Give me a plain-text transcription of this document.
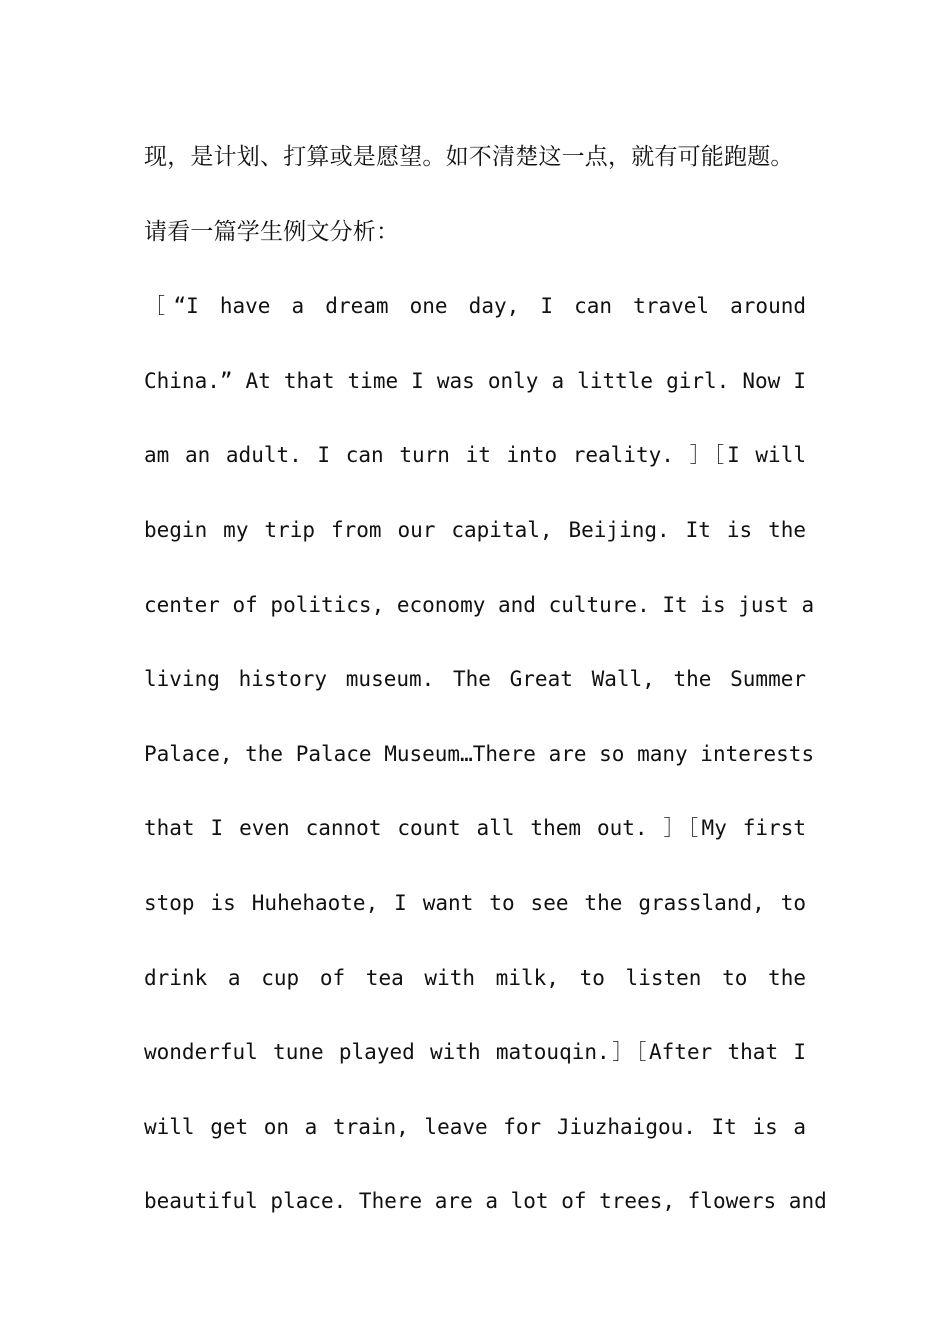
现，是计划、打算或是愿望。如不清楚这一点，就有可能跑题。
请看一篇学生例文分析：
［“I have a dream one day, I can travel around
China.” At that time I was only a little girl. Now I
am an adult. I can turn it into reality. ］［I will
begin my trip from our capital, Beijing. It is the
center of politics, economy and culture. It is just a
living history museum. The Great Wall, the Summer
Palace, the Palace Museum…There are so many interests
that I even cannot count all them out. ］［My first
stop is Huhehaote, I want to see the grassland, to
drink a cup of tea with milk, to listen to the
wonderful tune played with matouqin.］［After that I
will get on a train, leave for Jiuzhaigou. It is a
beautiful place. There are a lot of trees, flowers and
